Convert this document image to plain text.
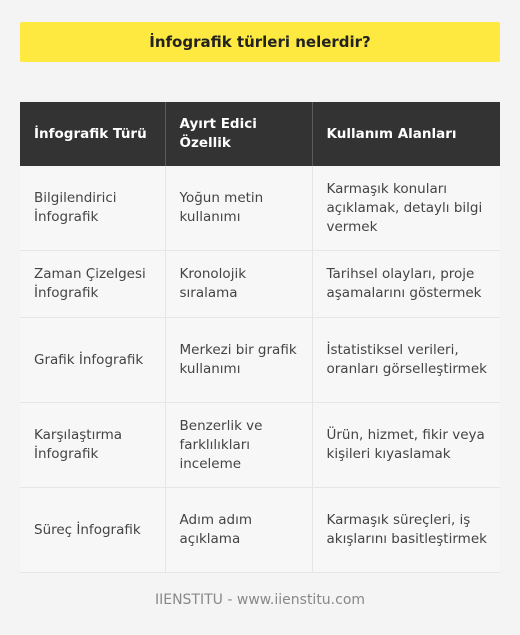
İnfografik türleri nelerdir?
İnfografik Türü	Ayırt Edici Özellik	Kullanım Alanları
Bilgilendirici İnfografik	Yoğun metin kullanımı	Karmaşık konuları açıklamak, detaylı bilgi vermek
Zaman Çizelgesi İnfografik	Kronolojik sıralama	Tarihsel olayları, proje aşamalarını göstermek
Grafik İnfografik	Merkezi bir grafik kullanımı	İstatistiksel verileri, oranları görselleştirmek
Karşılaştırma İnfografik	Benzerlik ve farklılıkları inceleme	Ürün, hizmet, fikir veya kişileri kıyaslamak
Süreç İnfografik	Adım adım açıklama	Karmaşık süreçleri, iş akışlarını basitleştirmek
IIENSTITU - www.iienstitu.com
